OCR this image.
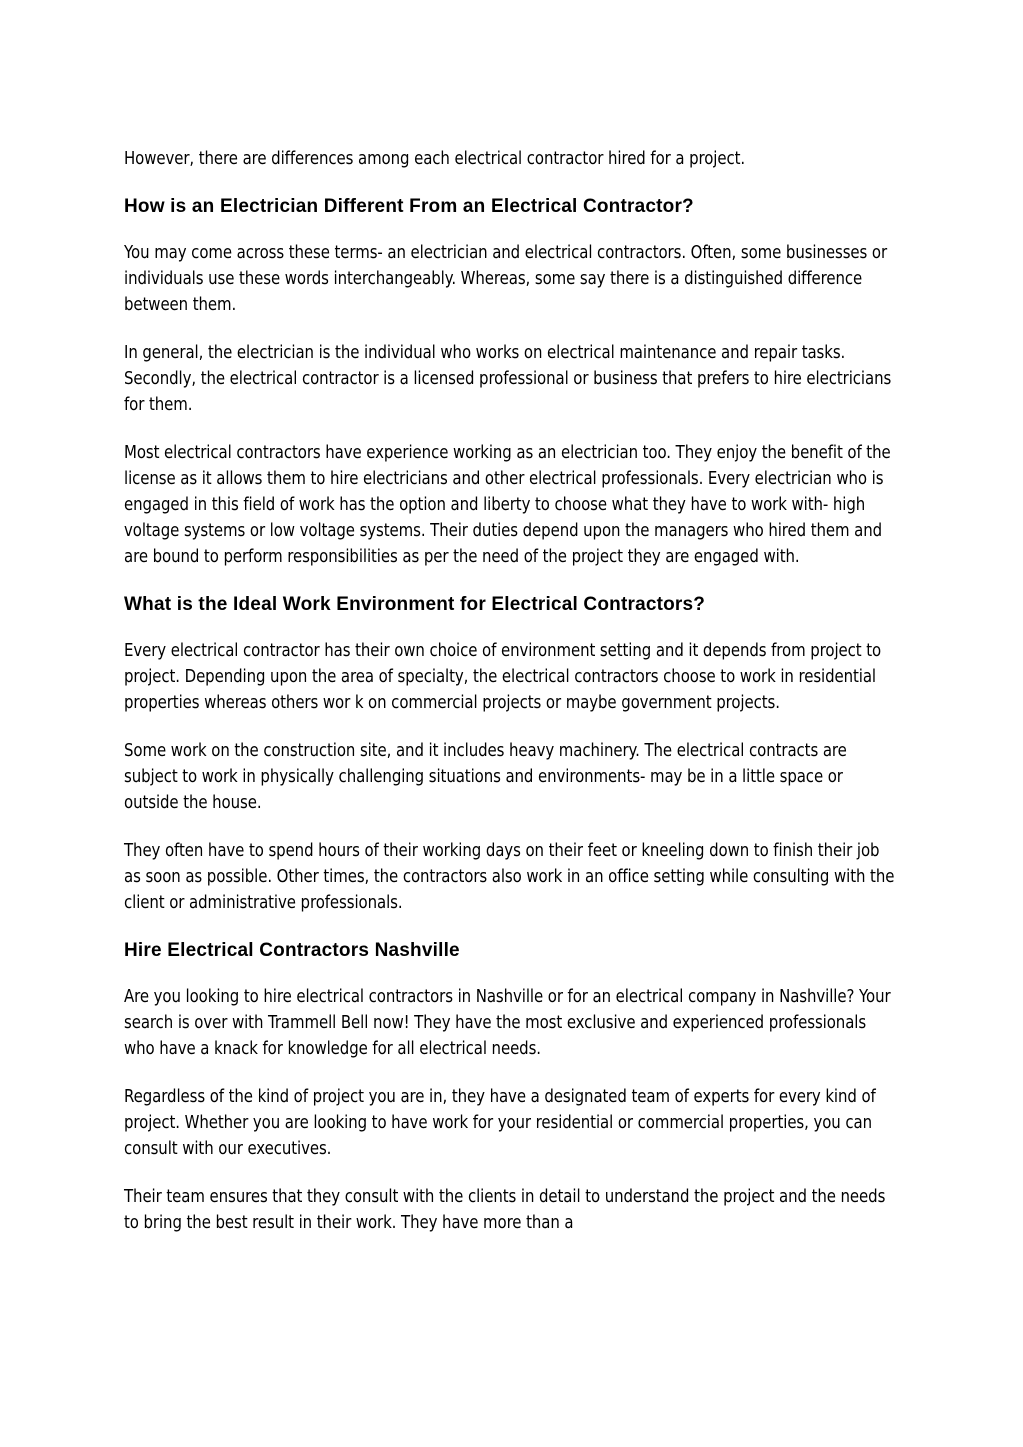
However, there are differences among each electrical contractor hired for a project.

How is an Electrician Different From an Electrical Contractor?

You may come across these terms- an electrician and electrical contractors. Often, some businesses or individuals use these words interchangeably. Whereas, some say there is a distinguished difference between them.

In general, the electrician is the individual who works on electrical maintenance and repair tasks. Secondly, the electrical contractor is a licensed professional or business that prefers to hire electricians for them.

Most electrical contractors have experience working as an electrician too. They enjoy the benefit of the license as it allows them to hire electricians and other electrical professionals. Every electrician who is engaged in this field of work has the option and liberty to choose what they have to work with- high voltage systems or low voltage systems. Their duties depend upon the managers who hired them and are bound to perform responsibilities as per the need of the project they are engaged with.

What is the Ideal Work Environment for Electrical Contractors?

Every electrical contractor has their own choice of environment setting and it depends from project to project. Depending upon the area of specialty, the electrical contractors choose to work in residential properties whereas others wor k on commercial projects or maybe government projects.

Some work on the construction site, and it includes heavy machinery. The electrical contracts are subject to work in physically challenging situations and environments- may be in a little space or outside the house.

They often have to spend hours of their working days on their feet or kneeling down to finish their job as soon as possible. Other times, the contractors also work in an office setting while consulting with the client or administrative professionals.

Hire Electrical Contractors Nashville

Are you looking to hire electrical contractors in Nashville or for an electrical company in Nashville? Your search is over with Trammell Bell now! They have the most exclusive and experienced professionals who have a knack for knowledge for all electrical needs.

Regardless of the kind of project you are in, they have a designated team of experts for every kind of project. Whether you are looking to have work for your residential or commercial properties, you can consult with our executives.

Their team ensures that they consult with the clients in detail to understand the project and the needs to bring the best result in their work. They have more than a
